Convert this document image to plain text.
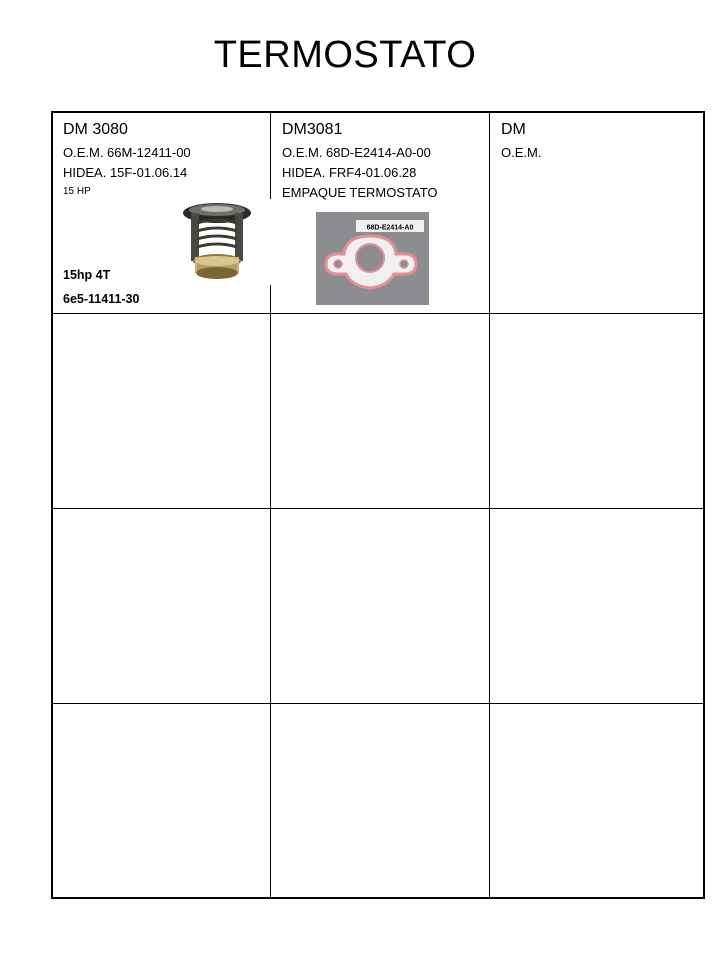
TERMOSTATO
DM 3080
O.E.M. 66M-12411-00
HIDEA. 15F-01.06.14
15 HP
15hp 4T
6e5-11411-30
DM3081
O.E.M. 68D-E2414-A0-00
HIDEA. FRF4-01.06.28
EMPAQUE TERMOSTATO
68D-E2414-A0
DM
O.E.M.
